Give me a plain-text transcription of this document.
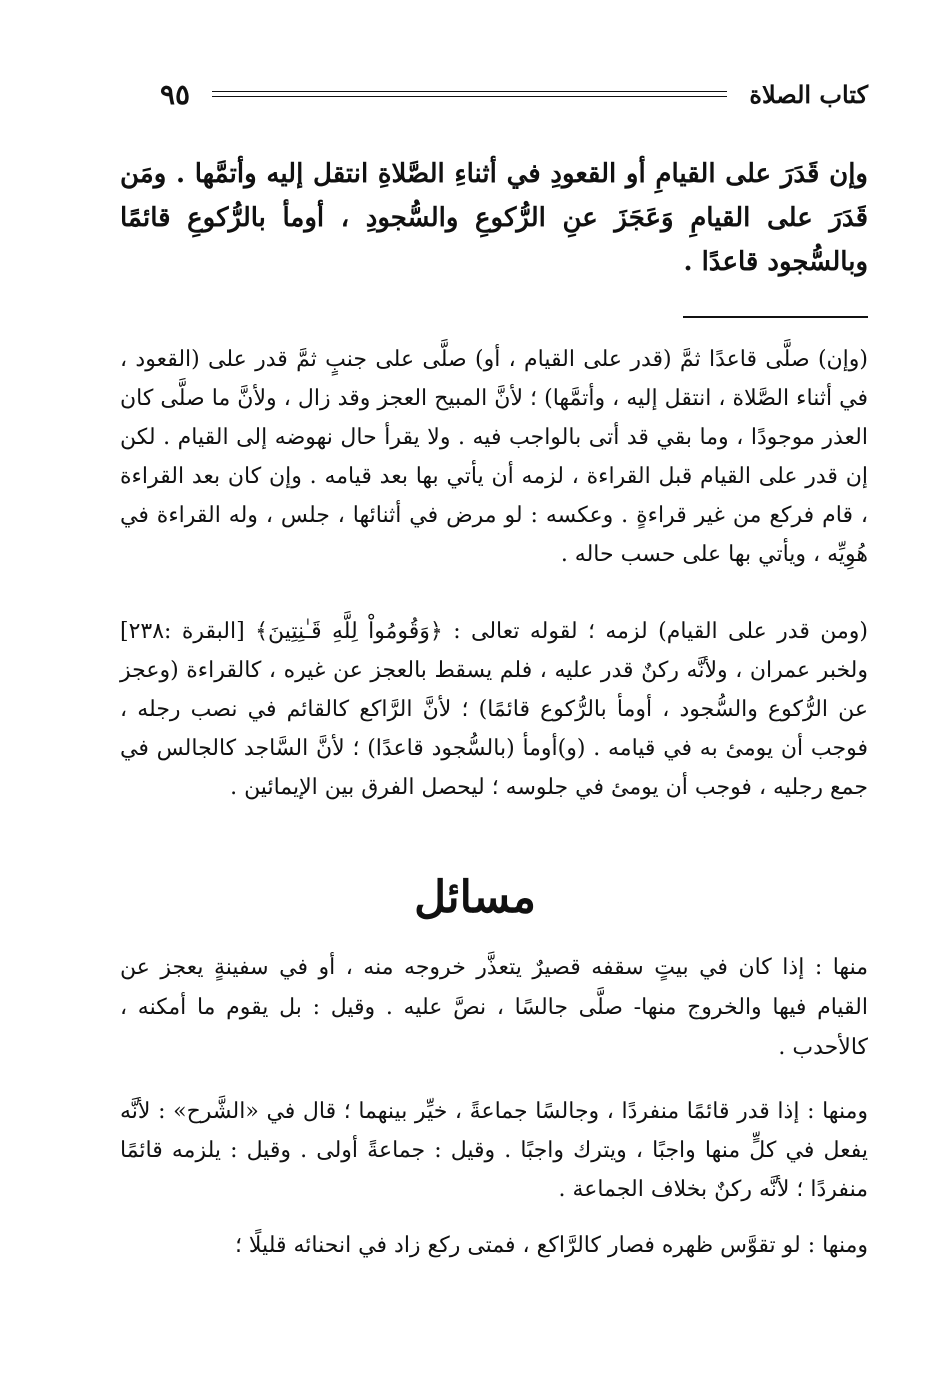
كتاب الصلاة
٩٥

وإن قَدَرَ على القيامِ أو القعودِ في أثناءِ الصَّلاةِ انتقل إليه وأتمَّها . ومَن قَدَرَ على القيامِ وَعَجَزَ عنِ الرُّكوعِ والسُّجودِ ، أومأ بالرُّكوعِ قائمًا وبالسُّجود قاعدًا .

(وإن) صلَّى قاعدًا ثمَّ (قدر على القيام ، أو) صلَّى على جنبٍ ثمَّ قدر على (القعود ، في أثناء الصَّلاة ، انتقل إليه ، وأتمَّها) ؛ لأنَّ المبيح العجز وقد زال ، ولأنَّ ما صلَّى كان العذر موجودًا ، وما بقي قد أتى بالواجب فيه . ولا يقرأ حال نهوضه إلى القيام . لكن إن قدر على القيام قبل القراءة ، لزمه أن يأتي بها بعد قيامه . وإن كان بعد القراءة ، قام فركع من غير قراءةٍ . وعكسه : لو مرض في أثنائها ، جلس ، وله القراءة في هُوِيِّه ، ويأتي بها على حسب حاله .

(ومن قدر على القيام) لزمه ؛ لقوله تعالى : ﴿وَقُومُواْ لِلَّهِ قَـٰنِتِينَ﴾ [البقرة :٢٣٨] ولخبر عمران ، ولأنَّه ركنٌ قدر عليه ، فلم يسقط بالعجز عن غيره ، كالقراءة (وعجز عن الرُّكوع والسُّجود ، أومأ بالرُّكوع قائمًا) ؛ لأنَّ الرَّاكع كالقائم في نصب رجله ، فوجب أن يومئ به في قيامه . (و)أومأ (بالسُّجود قاعدًا) ؛ لأنَّ السَّاجد كالجالس في جمع رجليه ، فوجب أن يومئ في جلوسه ؛ ليحصل الفرق بين الإيمائين .

مسائل

منها : إذا كان في بيتٍ سقفه قصيرٌ يتعذَّر خروجه منه ، أو في سفينةٍ يعجز عن القيام فيها والخروج منها- صلَّى جالسًا ، نصَّ عليه . وقيل : بل يقوم ما أمكنه ، كالأحدب .

ومنها : إذا قدر قائمًا منفردًا ، وجالسًا جماعةً ، خيِّر بينهما ؛ قال في «الشَّرح» : لأنَّه يفعل في كلٍّ منها واجبًا ، ويترك واجبًا . وقيل : جماعةً أولى . وقيل : يلزمه قائمًا منفردًا ؛ لأنَّه ركنٌ بخلاف الجماعة .

ومنها : لو تقوَّس ظهره فصار كالرَّاكع ، فمتى ركع زاد في انحنائه قليلًا ؛
